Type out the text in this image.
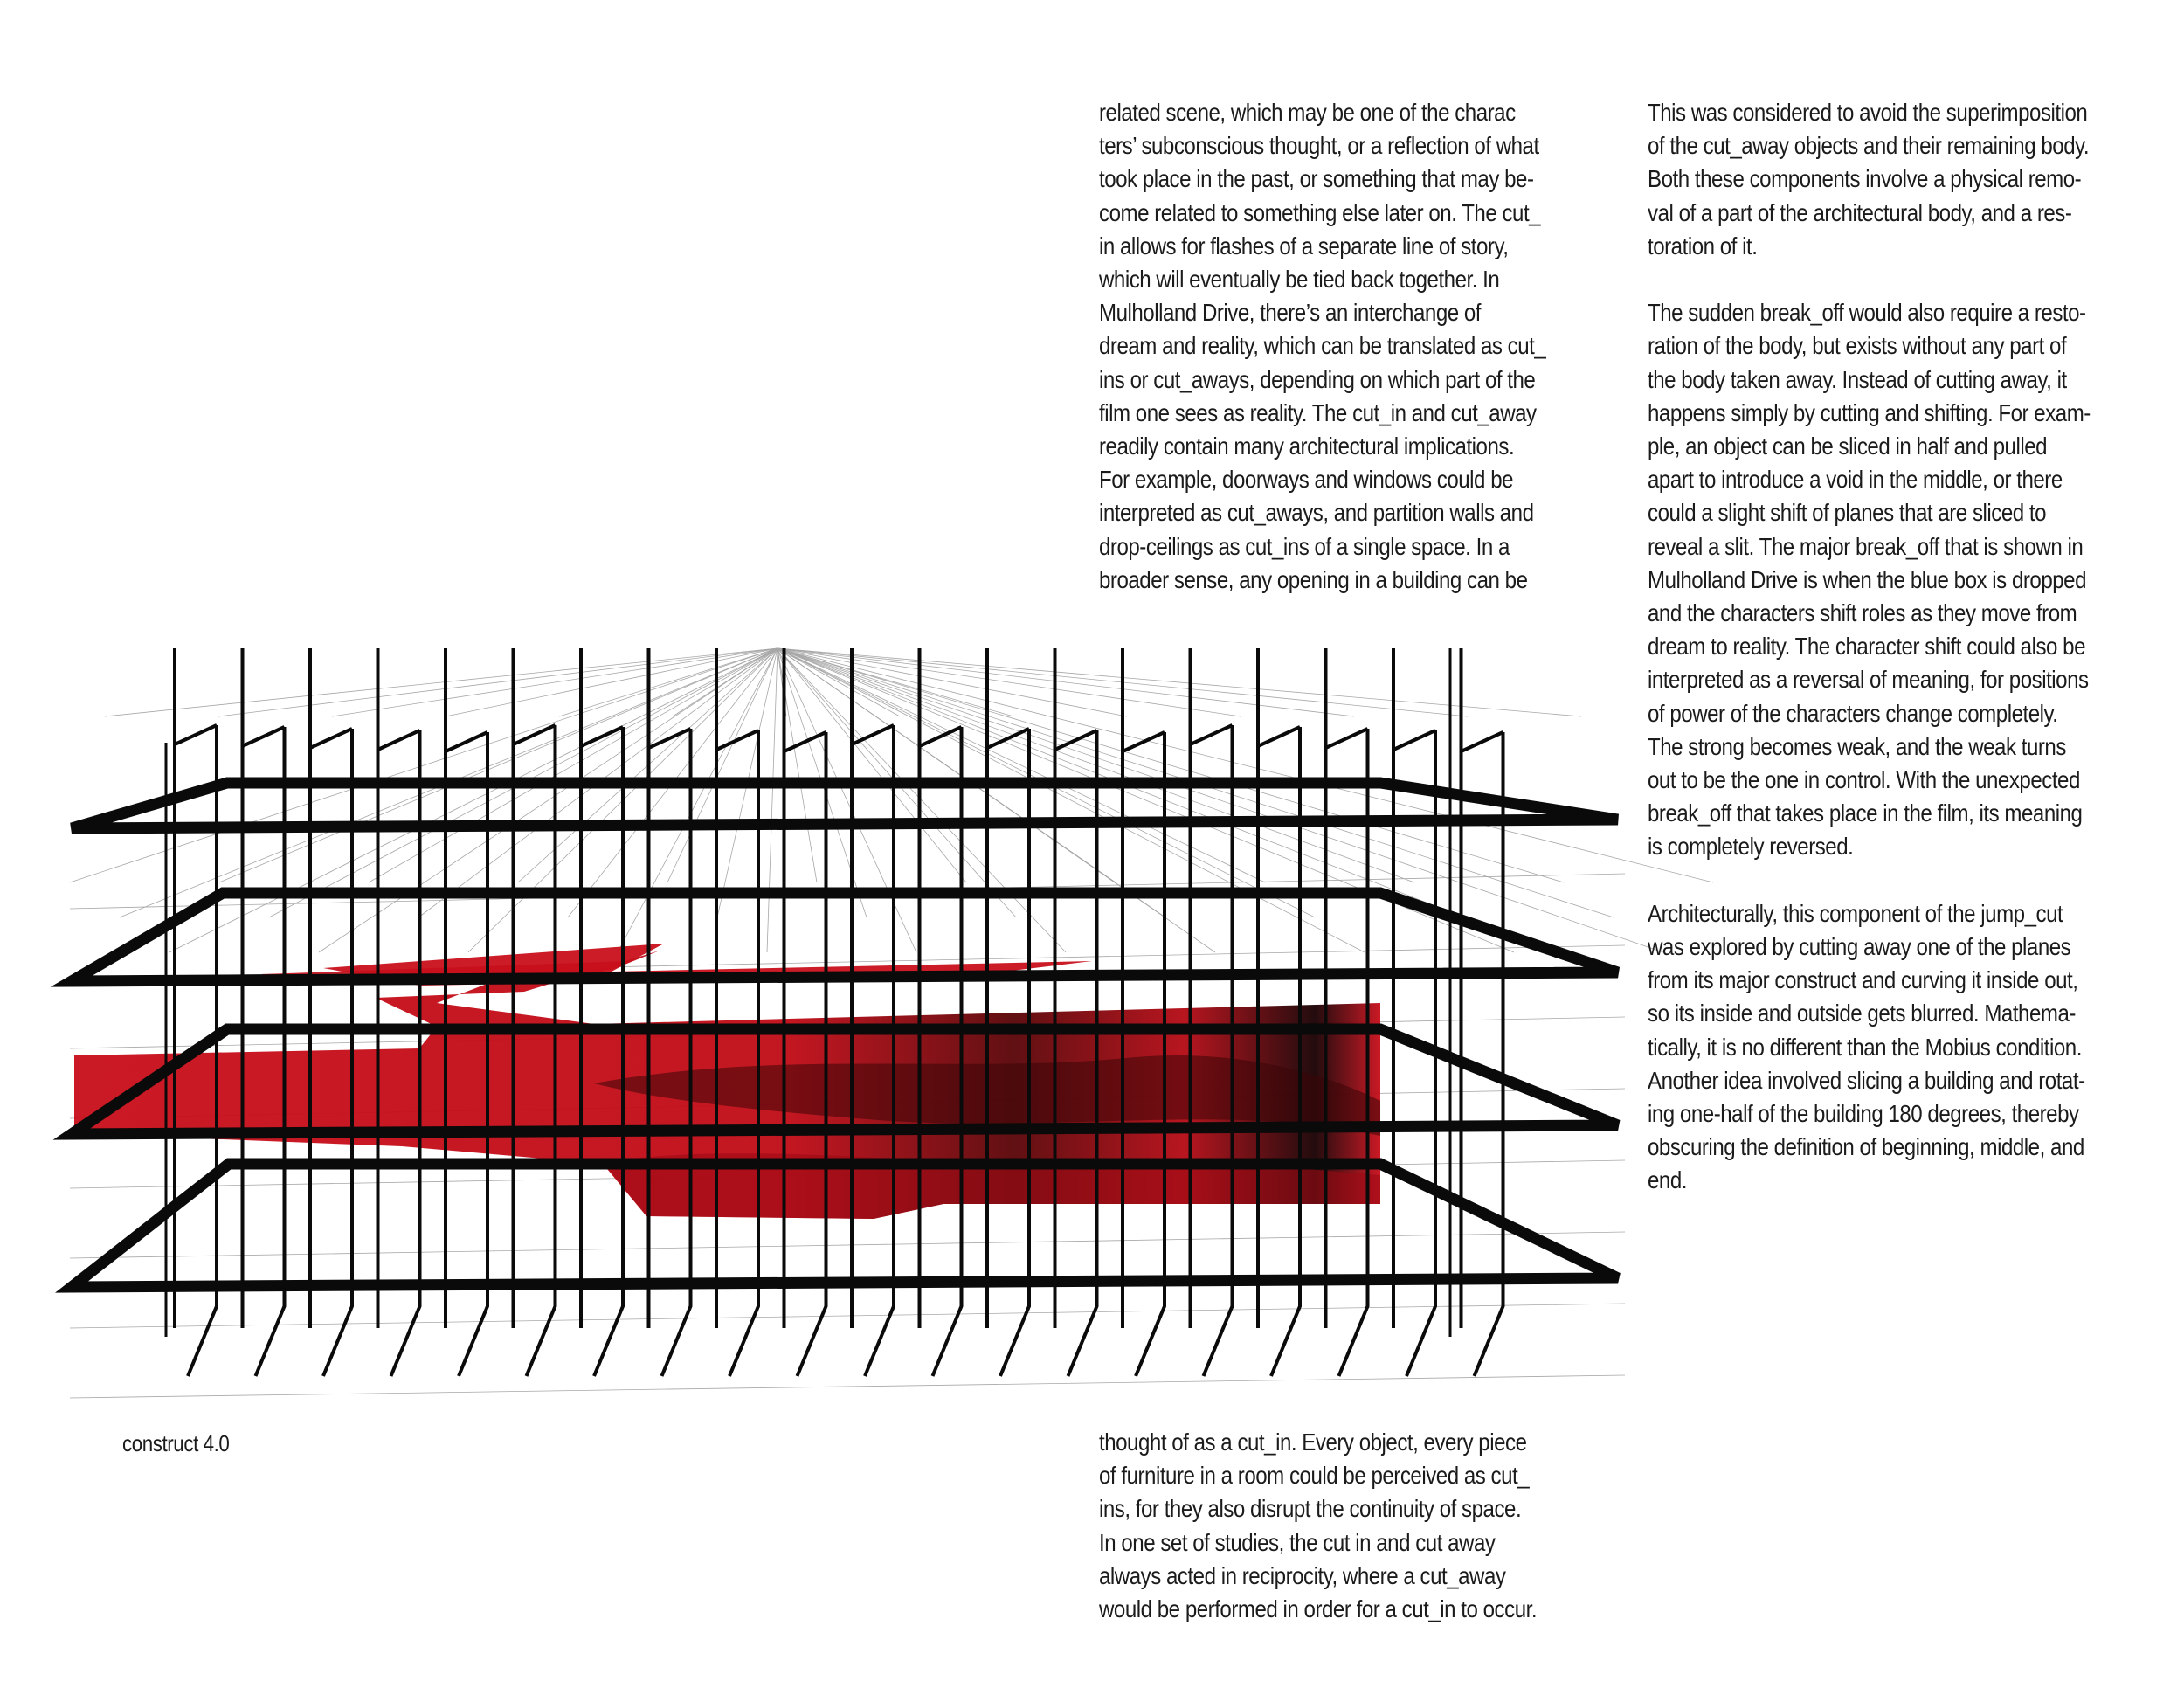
related scene, which may be one of the charac
ters’ subconscious thought, or a reflection of what
took place in the past, or something that may be-
come related to something else later on. The cut_
in allows for flashes of a separate line of story,
which will eventually be tied back together. In
Mulholland Drive, there’s an interchange of
dream and reality, which can be translated as cut_
ins or cut_aways, depending on which part of the
film one sees as reality. The cut_in and cut_away
readily contain many architectural implications.
For example, doorways and windows could be
interpreted as cut_aways, and partition walls and
drop-ceilings as cut_ins of a single space. In a
broader sense, any opening in a building can be
thought of as a cut_in. Every object, every piece
of furniture in a room could be perceived as cut_
ins, for they also disrupt the continuity of space.
In one set of studies, the cut in and cut away
always acted in reciprocity, where a cut_away
would be performed in order for a cut_in to occur.
This was considered to avoid the superimposition
of the cut_away objects and their remaining body.
Both these components involve a physical remo-
val of a part of the architectural body, and a res-
toration of it.
The sudden break_off would also require a resto-
ration of the body, but exists without any part of
the body taken away. Instead of cutting away, it
happens simply by cutting and shifting. For exam-
ple, an object can be sliced in half and pulled
apart to introduce a void in the middle, or there
could a slight shift of planes that are sliced to
reveal a slit. The major break_off that is shown in
Mulholland Drive is when the blue box is dropped
and the characters shift roles as they move from
dream to reality. The character shift could also be
interpreted as a reversal of meaning, for positions
of power of the characters change completely.
The strong becomes weak, and the weak turns
out to be the one in control. With the unexpected
break_off that takes place in the film, its meaning
is completely reversed.
Architecturally, this component of the jump_cut
was explored by cutting away one of the planes
from its major construct and curving it inside out,
so its inside and outside gets blurred. Mathema-
tically, it is no different than the Mobius condition.
Another idea involved slicing a building and rotat-
ing one-half of the building 180 degrees, thereby
obscuring the definition of beginning, middle, and
end.
construct 4.0
